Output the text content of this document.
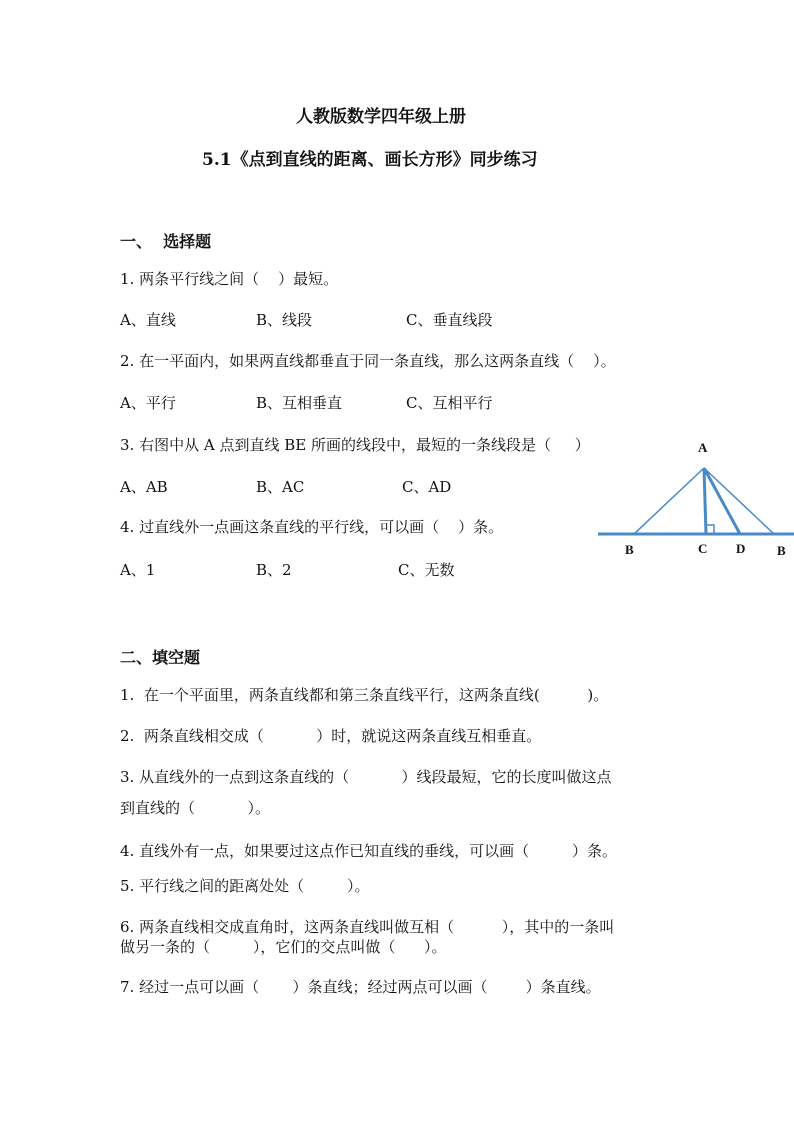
人教版数学四年级上册
5.1《点到直线的距离、画长方形》同步练习
一、  选择题
1. 两条平行线之间（    ）最短。
A、直线	B、线段	C、垂直线段
2. 在一平面内，如果两直线都垂直于同一条直线，那么这两条直线（    ）。
A、平行	B、互相垂直	C、互相平行
3. 右图中从 A 点到直线 BE 所画的线段中，最短的一条线段是（     ）
A、AB	B、AC	C、AD
4. 过直线外一点画这条直线的平行线，可以画（    ）条。
A、1	B、2	C、无数
A
B	C D B
二、填空题
1.  在一个平面里，两条直线都和第三条直线平行，这两条直线(          )。
2.  两条直线相交成（           ）时，就说这两条直线互相垂直。
3. 从直线外的一点到这条直线的（           ）线段最短，它的长度叫做这点
到直线的（           ）。
4. 直线外有一点，如果要过这点作已知直线的垂线，可以画（         ）条。
5. 平行线之间的距离处处（         ）。
6. 两条直线相交成直角时，这两条直线叫做互相（          ），其中的一条叫
做另一条的（         ），它们的交点叫做（      ）。
7. 经过一点可以画（       ）条直线；经过两点可以画（        ）条直线。
